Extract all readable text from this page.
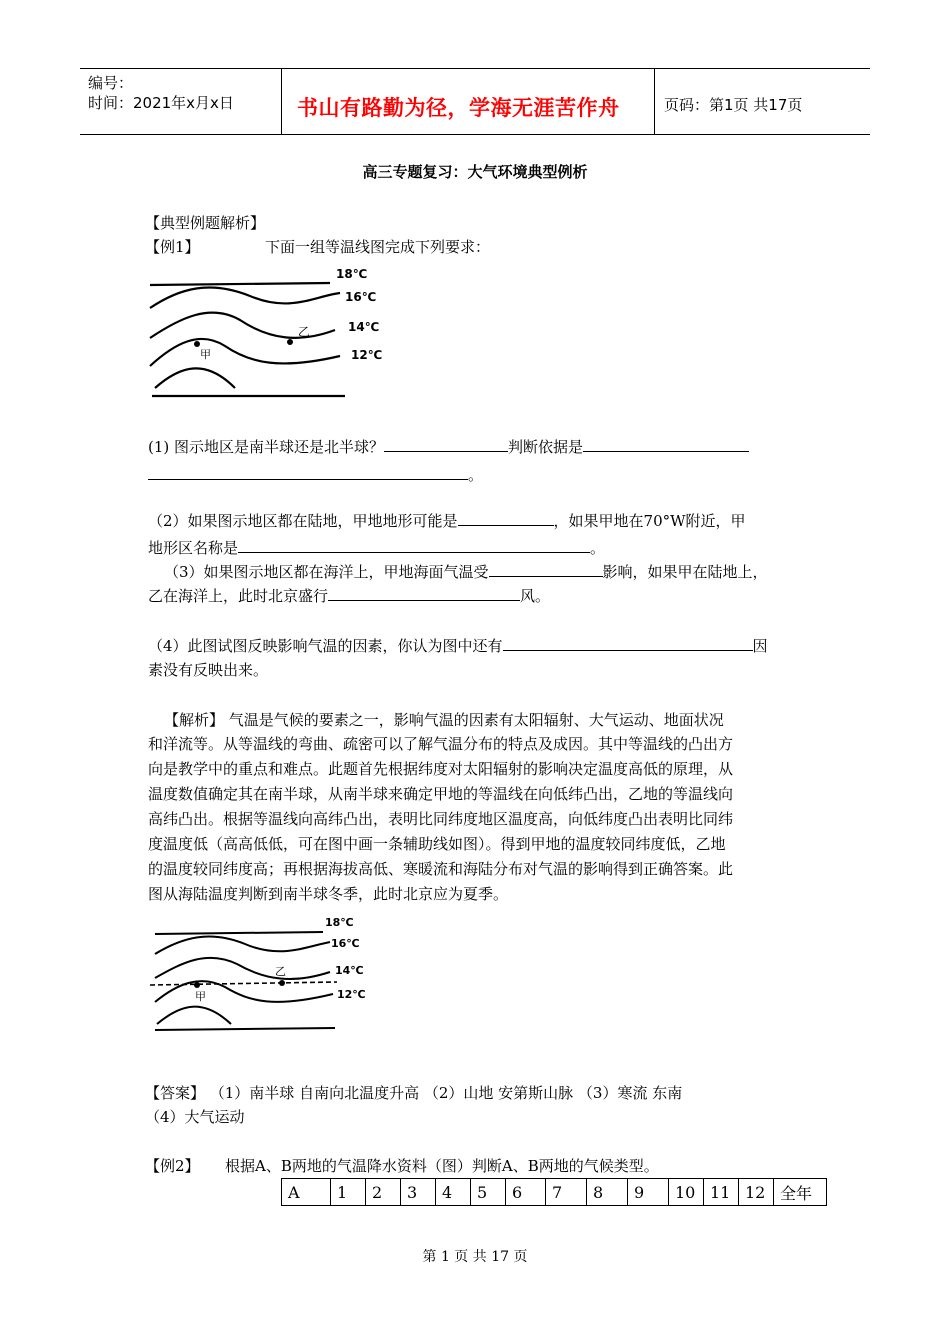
编号：
时间：2021年x月x日	书山有路勤为径，学海无涯苦作舟	页码：第1页 共17页
高三专题复习：大气环境典型例析
【典型例题解析】
【例1】	下面一组等温线图完成下列要求：
18℃
16℃
14℃
12℃
甲
乙
(1) 图示地区是南半球还是北半球？	判断依据是
。
（2）如果图示地区都在陆地，甲地地形可能是	，如果甲地在70°W附近，甲
地形区名称是	。
（3）如果图示地区都在海洋上，甲地海面气温受	影响，如果甲在陆地上，
乙在海洋上，此时北京盛行	风。
（4）此图试图反映影响气温的因素，你认为图中还有	因
素没有反映出来。
【解析】 气温是气候的要素之一，影响气温的因素有太阳辐射、大气运动、地面状况
和洋流等。从等温线的弯曲、疏密可以了解气温分布的特点及成因。其中等温线的凸出方
向是教学中的重点和难点。此题首先根据纬度对太阳辐射的影响决定温度高低的原理，从
温度数值确定其在南半球，从南半球来确定甲地的等温线在向低纬凸出，乙地的等温线向
高纬凸出。根据等温线向高纬凸出，表明比同纬度地区温度高，向低纬度凸出表明比同纬
度温度低（高高低低，可在图中画一条辅助线如图）。得到甲地的温度较同纬度低，乙地
的温度较同纬度高；再根据海拔高低、寒暖流和海陆分布对气温的影响得到正确答案。此
图从海陆温度判断到南半球冬季，此时北京应为夏季。
18℃
16℃
14℃
12℃
甲
乙
【答案】 （1）南半球 自南向北温度升高 （2）山地 安第斯山脉 （3）寒流 东南
（4）大气运动
【例2】 根据A、B两地的气温降水资料（图）判断A、B两地的气候类型。
A	1	2	3	4	5	6	7	8	9	10	11	12	全年
第 1 页 共 17 页
